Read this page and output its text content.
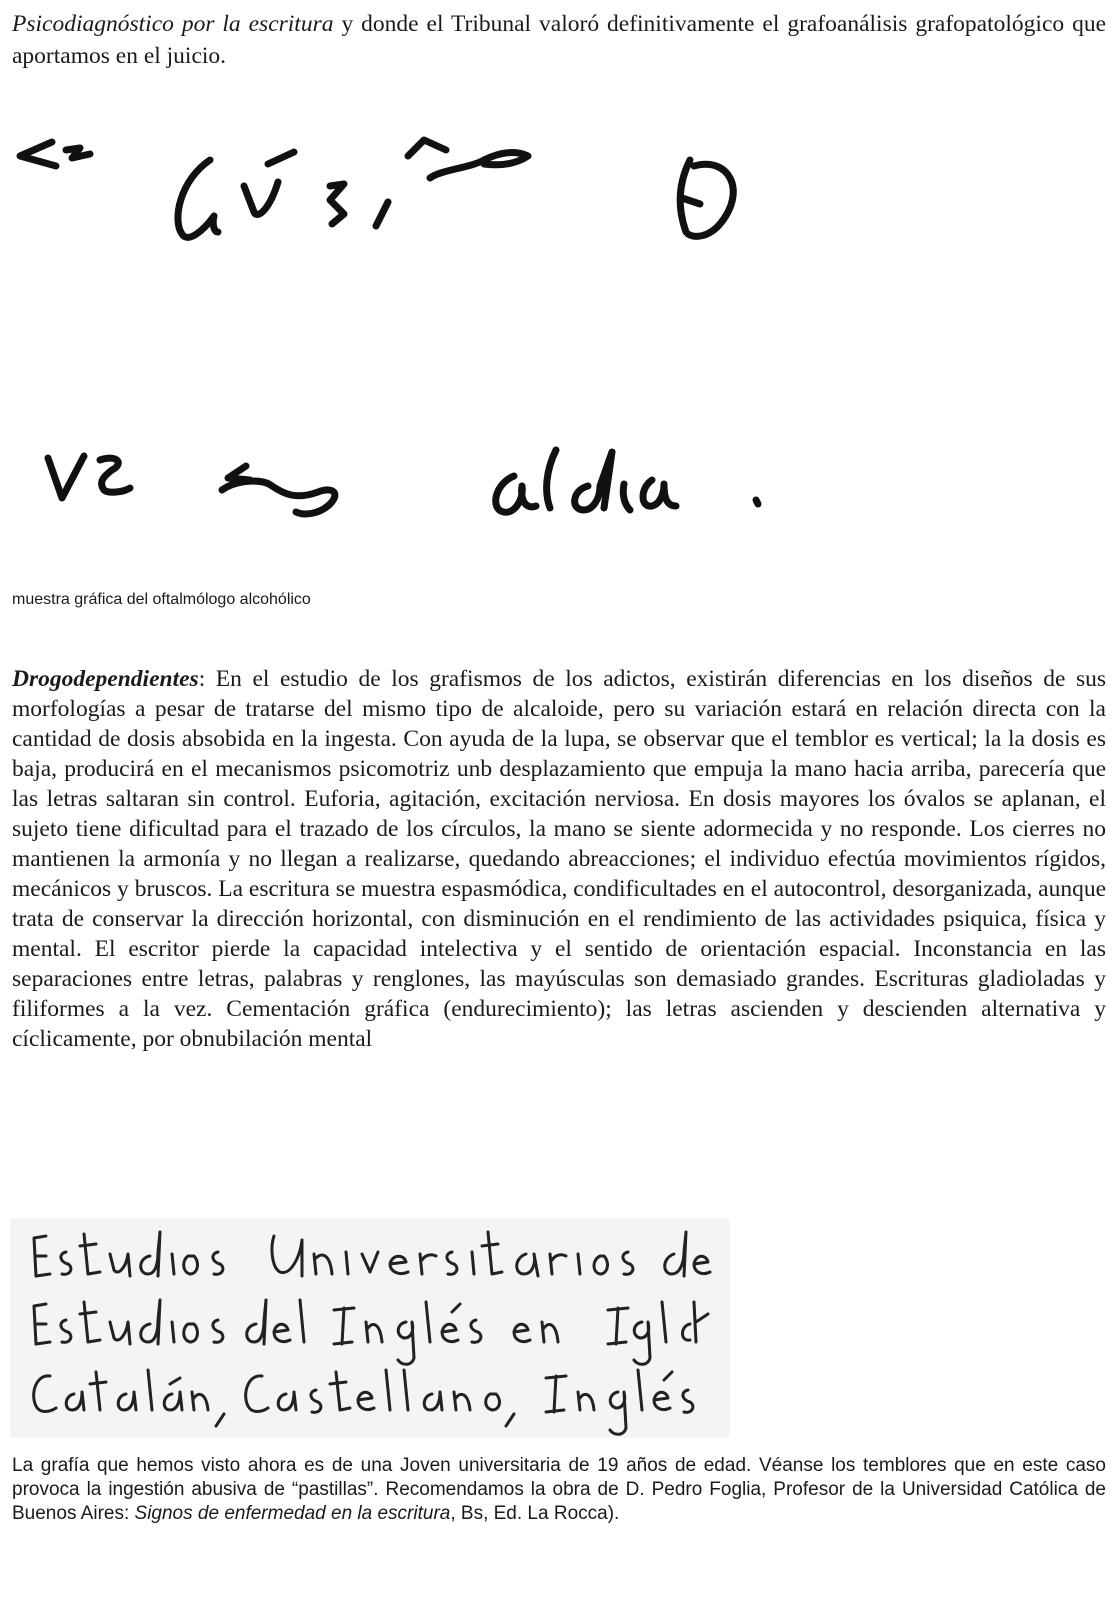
Psicodiagnóstico por la escritura y donde el Tribunal valoró definitivamente el grafoanálisis grafopatológico que aportamos en el juicio.

muestra gráfica del oftalmólogo alcohólico

Drogodependientes: En el estudio de los grafismos de los adictos, existirán diferencias en los diseños de sus morfologías a pesar de tratarse del mismo tipo de alcaloide, pero su variación estará en relación directa con la cantidad de dosis absobida en la ingesta. Con ayuda de la lupa, se observar que el temblor es vertical; la la dosis es baja, producirá en el mecanismos psicomotriz unb desplazamiento que empuja la mano hacia arriba, parecería que las letras saltaran sin control. Euforia, agitación, excitación nerviosa. En dosis mayores los óvalos se aplanan, el sujeto tiene dificultad para el trazado de los círculos, la mano se siente adormecida y no responde. Los cierres no mantienen la armonía y no llegan a realizarse, quedando abreacciones; el individuo efectúa movimientos rígidos, mecánicos y bruscos. La escritura se muestra espasmódica, condificultades en el autocontrol, desorganizada, aunque trata de conservar la dirección horizontal, con disminución en el rendimiento de las actividades psiquica, física y mental. El escritor pierde la capacidad intelectiva y el sentido de orientación espacial. Inconstancia en las separaciones entre letras, palabras y renglones, las mayúsculas son demasiado grandes. Escrituras gladioladas y filiformes a la vez. Cementación gráfica (endurecimiento); las letras ascienden y descienden alternativa y cíclicamente, por obnubilación mental

La grafía que hemos visto ahora es de una Joven universitaria de 19 años de edad. Véanse los temblores que en este caso provoca la ingestión abusiva de “pastillas”. Recomendamos la obra de D. Pedro Foglia, Profesor de la Universidad Católica de Buenos Aires: Signos de enfermedad en la escritura, Bs, Ed. La Rocca).
